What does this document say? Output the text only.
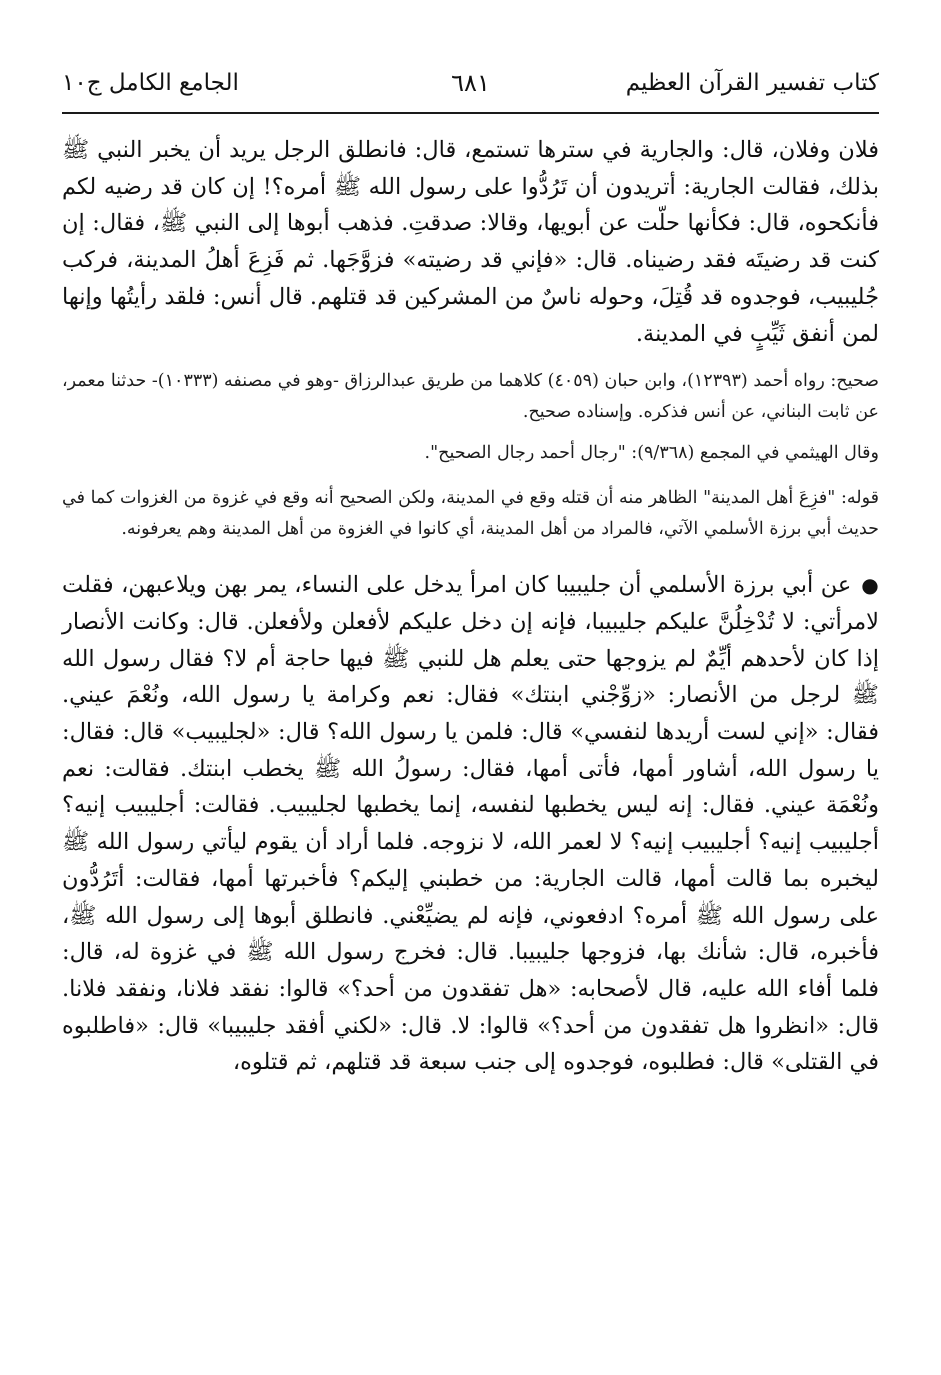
كتاب تفسير القرآن العظيم
٦٨١
الجامع الكامل ج١٠

فلان وفلان، قال: والجارية في سترها تستمع، قال: فانطلق الرجل يريد أن يخبر النبي ﷺ بذلك، فقالت الجارية: أتريدون أن تَرُدُّوا على رسول الله ﷺ أمره؟! إن كان قد رضيه لكم فأنكحوه، قال: فكأنها حلّت عن أبويها، وقالا: صدقتِ. فذهب أبوها إلى النبي ﷺ، فقال: إن كنت قد رضيتَه فقد رضيناه. قال: «فإني قد رضيته» فزوَّجَها. ثم فَزِعَ أهلُ المدينة، فركب جُليبيب، فوجدوه قد قُتِلَ، وحوله ناسٌ من المشركين قد قتلهم. قال أنس: فلقد رأيتُها وإنها لمن أنفق ثَيِّبٍ في المدينة.

صحيح: رواه أحمد (١٢٣٩٣)، وابن حبان (٤٠٥٩) كلاهما من طريق عبدالرزاق -وهو في مصنفه (١٠٣٣٣)- حدثنا معمر، عن ثابت البناني، عن أنس فذكره. وإسناده صحيح.

وقال الهيثمي في المجمع (٩/٣٦٨): "رجال أحمد رجال الصحيح".

قوله: "فزِعَ أهل المدينة" الظاهر منه أن قتله وقع في المدينة، ولكن الصحيح أنه وقع في غزوة من الغزوات كما في حديث أبي برزة الأسلمي الآتي، فالمراد من أهل المدينة، أي كانوا في الغزوة من أهل المدينة وهم يعرفونه.

●عن أبي برزة الأسلمي أن جليبيبا كان امرأ يدخل على النساء، يمر بهن ويلاعبهن، فقلت لامرأتي: لا تُدْخِلُنَّ عليكم جليبيبا، فإنه إن دخل عليكم لأفعلن ولأفعلن. قال: وكانت الأنصار إذا كان لأحدهم أيِّمٌ لم يزوجها حتى يعلم هل للنبي ﷺ فيها حاجة أم لا؟ فقال رسول الله ﷺ لرجل من الأنصار: «زوِّجْني ابنتك» فقال: نعم وكرامة يا رسول الله، ونُعْمَ عيني. فقال: «إني لست أريدها لنفسي» قال: فلمن يا رسول الله؟ قال: «لجليبيب» قال: فقال: يا رسول الله، أشاور أمها، فأتى أمها، فقال: رسولُ الله ﷺ يخطب ابنتك. فقالت: نعم ونُعْمَة عيني. فقال: إنه ليس يخطبها لنفسه، إنما يخطبها لجليبيب. فقالت: أجليبيب إنيه؟ أجليبيب إنيه؟ أجليبيب إنيه؟ لا لعمر الله، لا نزوجه. فلما أراد أن يقوم ليأتي رسول الله ﷺ ليخبره بما قالت أمها، قالت الجارية: من خطبني إليكم؟ فأخبرتها أمها، فقالت: أتَرُدُّون على رسول الله ﷺ أمره؟ ادفعوني، فإنه لم يضيِّعْني. فانطلق أبوها إلى رسول الله ﷺ، فأخبره، قال: شأنك بها، فزوجها جليبيبا. قال: فخرج رسول الله ﷺ في غزوة له، قال: فلما أفاء الله عليه، قال لأصحابه: «هل تفقدون من أحد؟» قالوا: نفقد فلانا، ونفقد فلانا. قال: «انظروا هل تفقدون من أحد؟» قالوا: لا. قال: «لكني أفقد جليبيبا» قال: «فاطلبوه في القتلى» قال: فطلبوه، فوجدوه إلى جنب سبعة قد قتلهم، ثم قتلوه،
